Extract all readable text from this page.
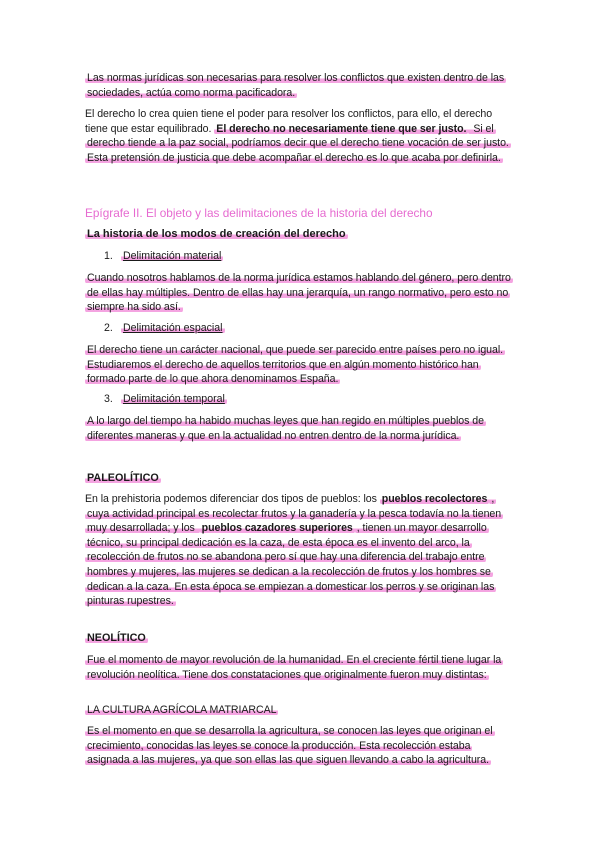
Las normas jurídicas son necesarias para resolver los conflictos que existen dentro de las sociedades, actúa como norma pacificadora.

El derecho lo crea quien tiene el poder para resolver los conflictos, para ello, el derecho tiene que estar equilibrado. El derecho no necesariamente tiene que ser justo. Si el derecho tiende a la paz social, podríamos decir que el derecho tiene vocación de ser justo. Esta pretensión de justicia que debe acompañar el derecho es lo que acaba por definirla.

Epígrafe II. El objeto y las delimitaciones de la historia del derecho

La historia de los modos de creación del derecho

1. Delimitación material

Cuando nosotros hablamos de la norma jurídica estamos hablando del género, pero dentro de ellas hay múltiples. Dentro de ellas hay una jerarquía, un rango normativo, pero esto no siempre ha sido así.

2. Delimitación espacial

El derecho tiene un carácter nacional, que puede ser parecido entre países pero no igual. Estudiaremos el derecho de aquellos territorios que en algún momento histórico han formado parte de lo que ahora denominamos España.

3. Delimitación temporal

A lo largo del tiempo ha habido muchas leyes que han regido en múltiples pueblos de diferentes maneras y que en la actualidad no entren dentro de la norma jurídica.

PALEOLÍTICO

En la prehistoria podemos diferenciar dos tipos de pueblos: los pueblos recolectores , cuya actividad principal es recolectar frutos y la ganadería y la pesca todavía no la tienen muy desarrollada; y los pueblos cazadores superiores , tienen un mayor desarrollo técnico, su principal dedicación es la caza, de esta época es el invento del arco, la recolección de frutos no se abandona pero sí que hay una diferencia del trabajo entre hombres y mujeres, las mujeres se dedican a la recolección de frutos y los hombres se dedican a la caza. En esta época se empiezan a domesticar los perros y se originan las pinturas rupestres.

NEOLÍTICO

Fue el momento de mayor revolución de la humanidad. En el creciente fértil tiene lugar la revolución neolítica. Tiene dos constataciones que originalmente fueron muy distintas:

LA CULTURA AGRÍCOLA MATRIARCAL

Es el momento en que se desarrolla la agricultura, se conocen las leyes que originan el crecimiento, conocidas las leyes se conoce la producción. Esta recolección estaba asignada a las mujeres, ya que son ellas las que siguen llevando a cabo la agricultura.
